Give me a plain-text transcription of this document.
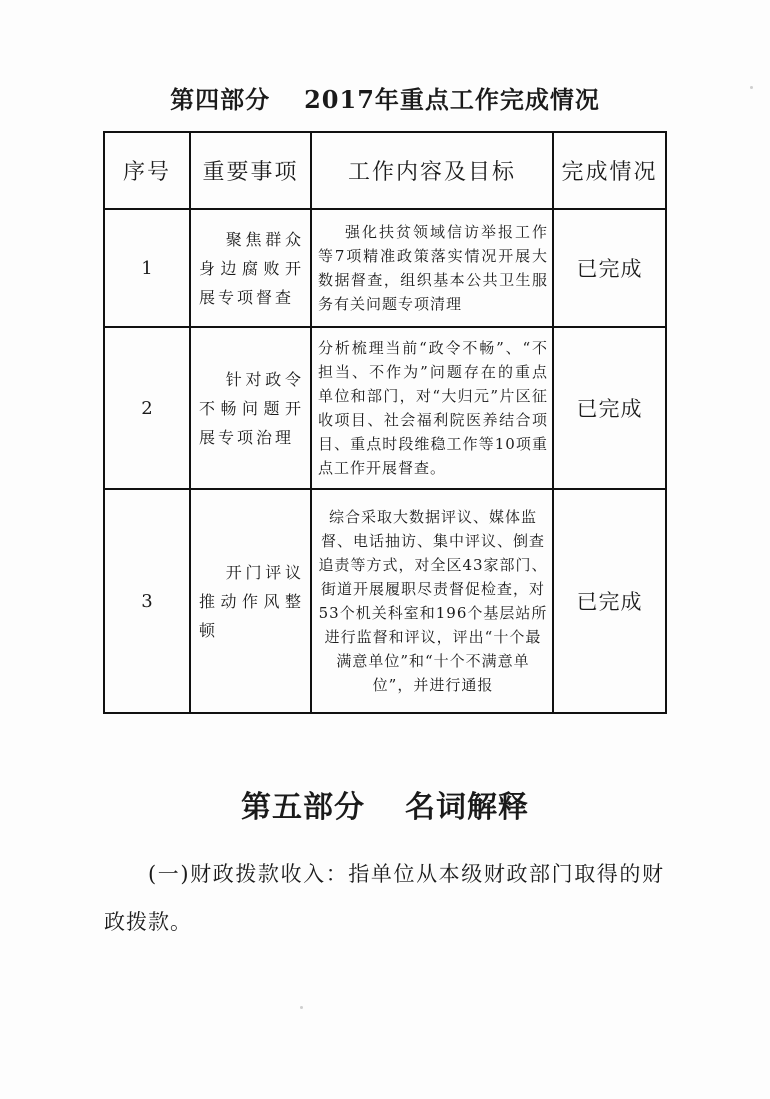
第四部分 2017年重点工作完成情况
序号	重要事项	工作内容及目标	完成情况
1	聚焦群众身边腐败开展专项督查	强化扶贫领域信访举报工作等7项精准政策落实情况开展大数据督查，组织基本公共卫生服务有关问题专项清理	已完成
2	针对政令不畅问题开展专项治理	分析梳理当前“政令不畅”、“不担当、不作为”问题存在的重点单位和部门，对“大归元”片区征收项目、社会福利院医养结合项目、重点时段维稳工作等10项重点工作开展督查。	已完成
3	开门评议推动作风整顿	综合采取大数据评议、媒体监督、电话抽访、集中评议、倒查追责等方式，对全区43家部门、街道开展履职尽责督促检查，对53个机关科室和196个基层站所进行监督和评议，评出“十个最满意单位”和“十个不满意单位”，并进行通报	已完成
第五部分 名词解释
(一)财政拨款收入：指单位从本级财政部门取得的财政拨款。
